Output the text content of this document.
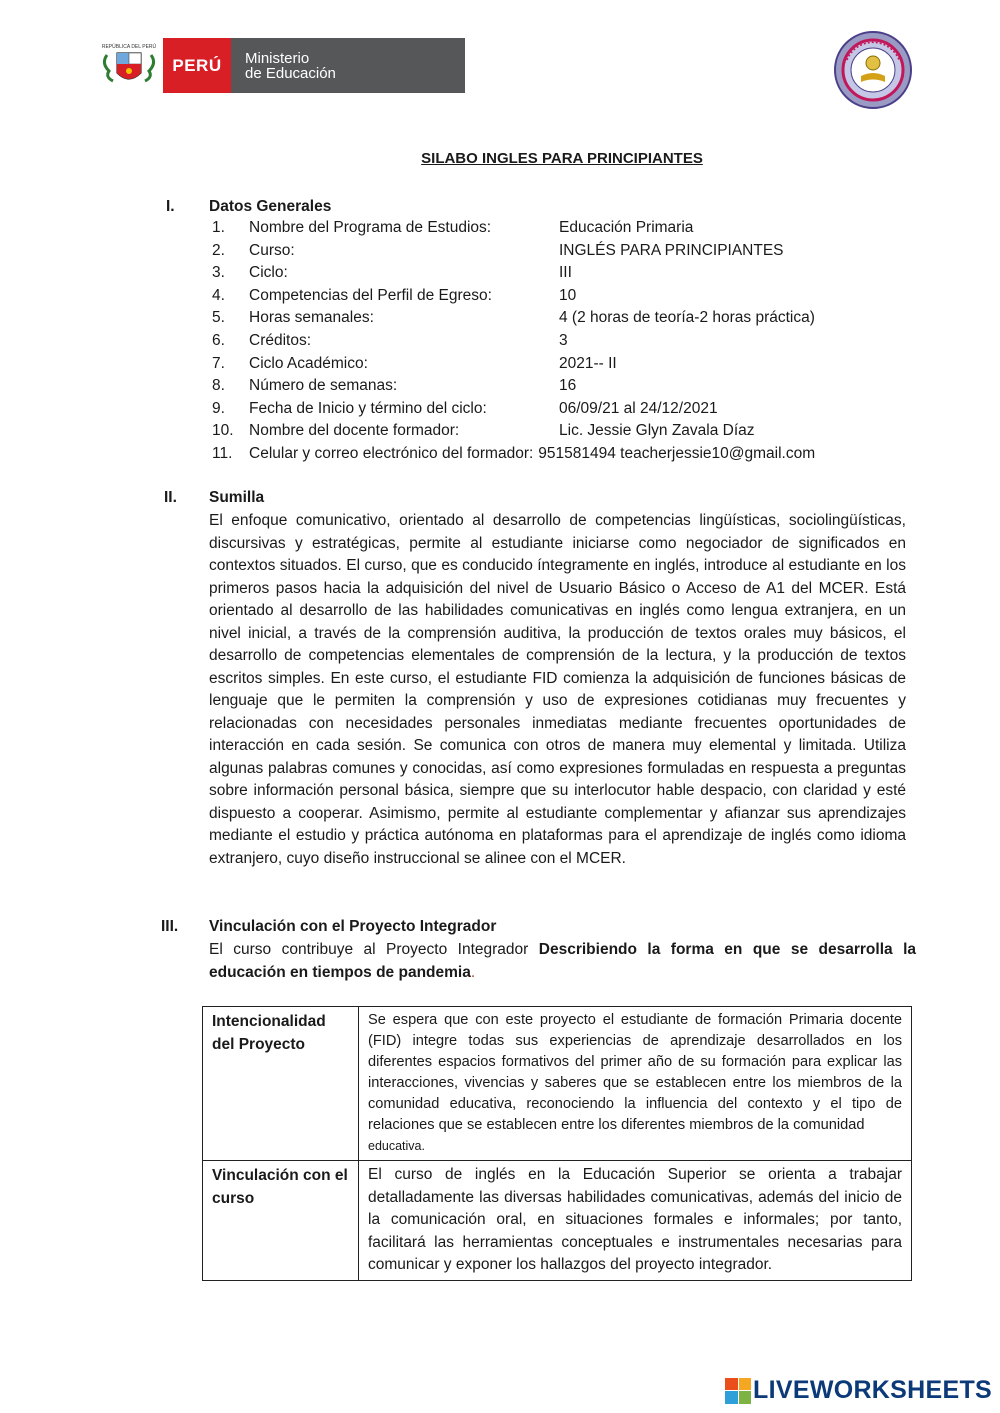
REPÚBLICA DEL PERÚ
PERÚ	Ministerio
de Educación
SILABO INGLES PARA PRINCIPIANTES
I. Datos Generales
1.	Nombre del Programa de Estudios:	Educación Primaria
2.	Curso:	INGLÉS PARA PRINCIPIANTES
3.	Ciclo:	III
4.	Competencias del Perfil de Egreso:	10
5.	Horas semanales:	4 (2 horas de teoría-2 horas práctica)
6.	Créditos:	3
7.	Ciclo Académico:	2021-- II
8.	Número de semanas:	16
9.	Fecha de Inicio y término del ciclo:	06/09/21 al 24/12/2021
10. Nombre del docente formador:	Lic. Jessie Glyn Zavala Díaz
11.	Celular y correo electrónico del formador: 951581494 teacherjessie10@gmail.com
II. Sumilla

El enfoque comunicativo, orientado al desarrollo de competencias lingüísticas, sociolingüísticas, discursivas y estratégicas, permite al estudiante iniciarse como negociador de significados en contextos situados. El curso, que es conducido íntegramente en inglés, introduce al estudiante en los primeros pasos hacia la adquisición del nivel de Usuario Básico o Acceso de A1 del MCER. Está orientado al desarrollo de las habilidades comunicativas en inglés como lengua extranjera, en un nivel inicial, a través de la comprensión auditiva, la producción de textos orales muy básicos, el desarrollo de competencias elementales de comprensión de la lectura, y la producción de textos escritos simples. En este curso, el estudiante FID comienza la adquisición de funciones básicas de lenguaje que le permiten la comprensión y uso de expresiones cotidianas muy frecuentes y relacionadas con necesidades personales inmediatas mediante frecuentes oportunidades de interacción en cada sesión. Se comunica con otros de manera muy elemental y limitada. Utiliza algunas palabras comunes y conocidas, así como expresiones formuladas en respuesta a preguntas sobre información personal básica, siempre que su interlocutor hable despacio, con claridad y esté dispuesto a cooperar. Asimismo, permite al estudiante complementar y afianzar sus aprendizajes mediante el estudio y práctica autónoma en plataformas para el aprendizaje de inglés como idioma extranjero, cuyo diseño instruccional se alinee con el MCER.

III. Vinculación con el Proyecto Integrador

El curso contribuye al Proyecto Integrador Describiendo la forma en que se desarrolla la educación en tiempos de pandemia.

Intencionalidad del Proyecto	Se espera que con este proyecto el estudiante de formación Primaria docente (FID) integre todas sus experiencias de aprendizaje desarrollados en los diferentes espacios formativos del primer año de su formación para explicar las interacciones, vivencias y saberes que se establecen entre los miembros de la comunidad educativa, reconociendo la influencia del contexto y el tipo de relaciones que se establecen entre los diferentes miembros de la comunidad
educativa.
Vinculación con el curso	El curso de inglés en la Educación Superior se orienta a trabajar detalladamente las diversas habilidades comunicativas, además del inicio de la comunicación oral, en situaciones formales e informales; por tanto, facilitará las herramientas conceptuales e instrumentales necesarias para comunicar y exponer los hallazgos del proyecto integrador.
LIVEWORKSHEETS
